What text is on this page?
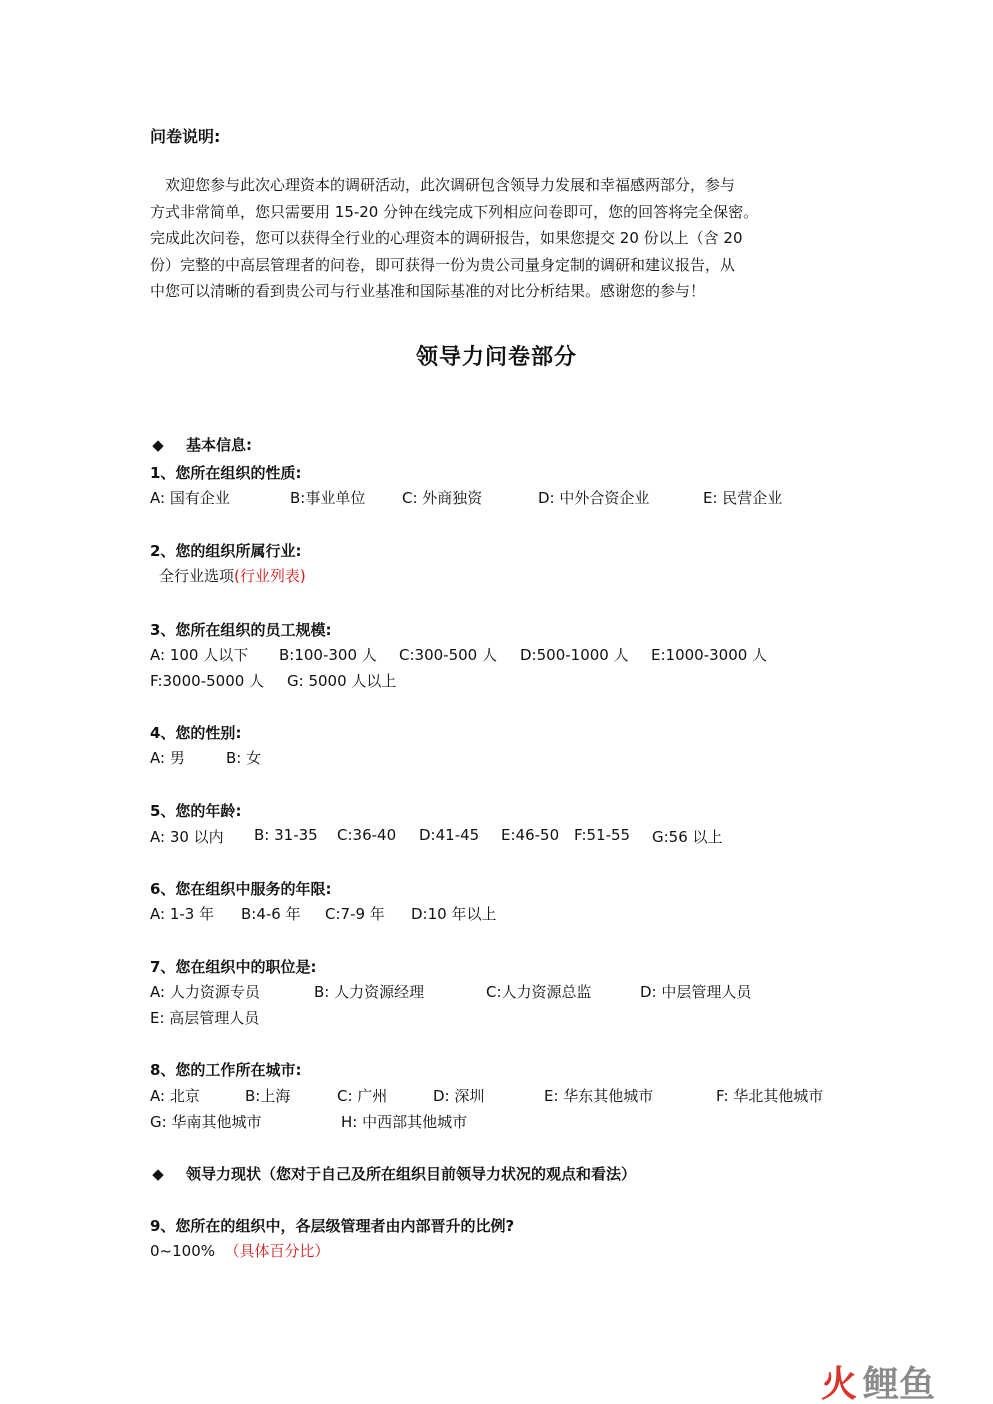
问卷说明:
　欢迎您参与此次心理资本的调研活动，此次调研包含领导力发展和幸福感两部分，参与
方式非常简单，您只需要用 15-20 分钟在线完成下列相应问卷即可，您的回答将完全保密。
完成此次问卷，您可以获得全行业的心理资本的调研报告，如果您提交 20 份以上（含 20
份）完整的中高层管理者的问卷，即可获得一份为贵公司量身定制的调研和建议报告，从
中您可以清晰的看到贵公司与行业基准和国际基准的对比分析结果。感谢您的参与！
领导力问卷部分
◆ 基本信息:
1、您所在组织的性质:
A: 国有企业	B:事业单位 C: 外商独资	D: 中外合资企业	E: 民营企业
2、您的组织所属行业:
全行业选项(行业列表)
3、您所在组织的员工规模:
A: 100 人以下 B:100-300 人 C:300-500 人 D:500-1000 人 E:1000-3000 人
F:3000-5000 人 G: 5000 人以上
4、您的性别:
A: 男	B: 女
5、您的年龄:
A: 30 以内 B: 31-35 C:36-40 D:41-45 E:46-50 F:51-55 G:56 以上
6、您在组织中服务的年限:
A: 1-3 年 B:4-6 年 C:7-9 年 D:10 年以上
7、您在组织中的职位是:
A: 人力资源专员	B: 人力资源经理	C:人力资源总监	D: 中层管理人员
E: 高层管理人员
8、您的工作所在城市:
A: 北京	B:上海	C: 广州	D: 深圳	E: 华东其他城市	F: 华北其他城市
G: 华南其他城市	H: 中西部其他城市
◆ 领导力现状（您对于自己及所在组织目前领导力状况的观点和看法）
9、您所在的组织中，各层级管理者由内部晋升的比例?
0~100% （具体百分比）
火 鲤鱼
